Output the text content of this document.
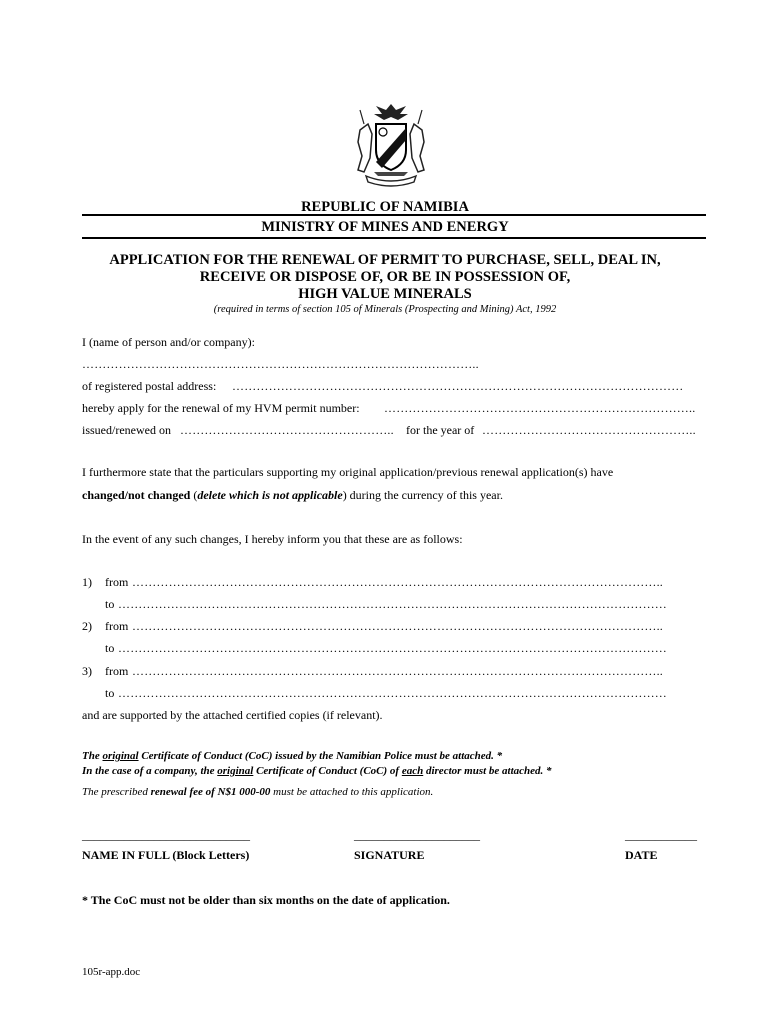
REPUBLIC OF NAMIBIA
MINISTRY OF MINES AND ENERGY
APPLICATION FOR THE RENEWAL OF PERMIT TO PURCHASE, SELL, DEAL IN,
RECEIVE OR DISPOSE OF, OR BE IN POSSESSION OF,
HIGH VALUE MINERALS
(required in terms of section 105 of Minerals (Prospecting and Mining) Act, 1992
I (name of person and/or company):
……………………………………………………………………………………..
of registered postal address: …………………………………………………………………………………………………
hereby apply for the renewal of my HVM permit number: …………………………………………………………………..
issued/renewed on …………………………………………….. for the year of ……………………………………………..
I furthermore state that the particulars supporting my original application/previous renewal application(s) have
changed/not changed (delete which is not applicable) during the currency of this year.
In the event of any such changes, I hereby inform you that these are as follows:
1) from …………………………………………………………………………………………………………………..
to ………………………………………………………………………………………………………………………
2) from …………………………………………………………………………………………………………………..
to ………………………………………………………………………………………………………………………
3) from …………………………………………………………………………………………………………………..
to ………………………………………………………………………………………………………………………
and are supported by the attached certified copies (if relevant).
The original Certificate of Conduct (CoC) issued by the Namibian Police must be attached. *
In the case of a company, the original Certificate of Conduct (CoC) of each director must be attached. *
The prescribed renewal fee of N$1 000-00 must be attached to this application.
____________________________	_____________________	____________
NAME IN FULL (Block Letters)	SIGNATURE	DATE
* The CoC must not be older than six months on the date of application.
105r-app.doc
